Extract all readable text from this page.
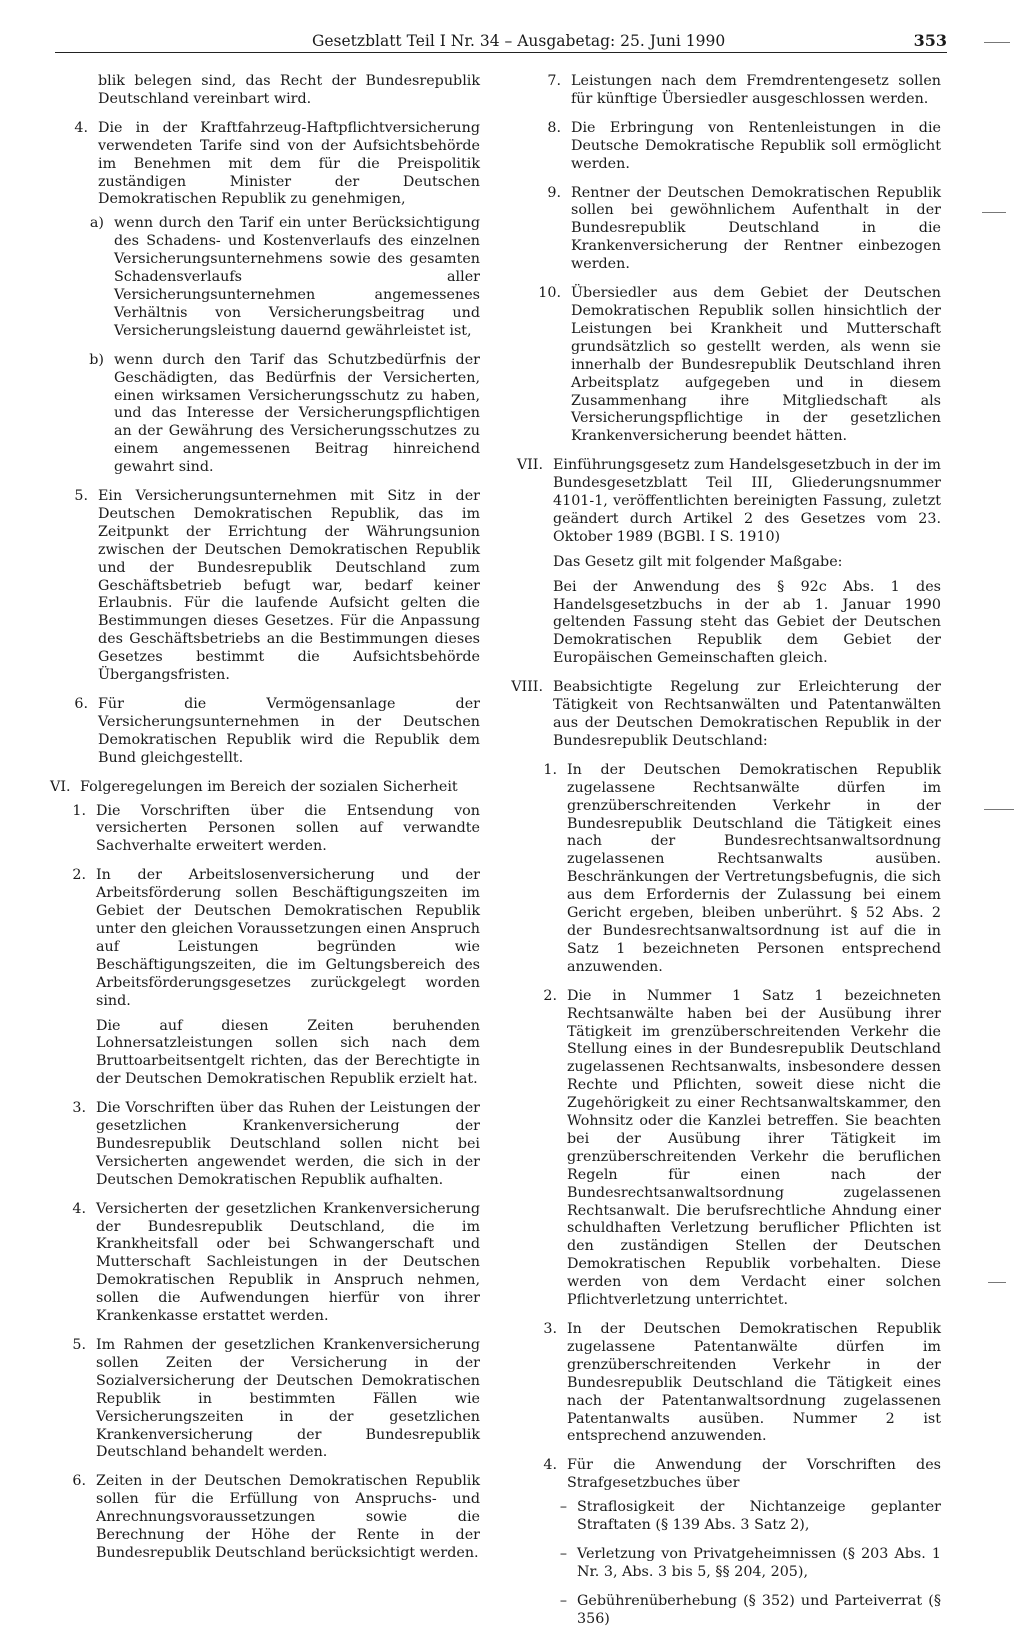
Gesetzblatt Teil I Nr. 34 – Ausgabetag: 25. Juni 1990	353
blik belegen sind, das Recht der Bundesrepublik Deutschland vereinbart wird.
4. Die in der Kraftfahrzeug-Haftpflichtversicherung verwendeten Tarife sind von der Aufsichtsbehörde im Benehmen mit dem für die Preispolitik zuständigen Minister der Deutschen Demokratischen Republik zu genehmigen,
a) wenn durch den Tarif ein unter Berücksichtigung des Schadens- und Kostenverlaufs des einzelnen Versicherungsunternehmens sowie des gesamten Schadensverlaufs aller Versicherungsunternehmen angemessenes Verhältnis von Versicherungsbeitrag und Versicherungsleistung dauernd gewährleistet ist,
b) wenn durch den Tarif das Schutzbedürfnis der Geschädigten, das Bedürfnis der Versicherten, einen wirksamen Versicherungsschutz zu haben, und das Interesse der Versicherungspflichtigen an der Gewährung des Versicherungsschutzes zu einem angemessenen Beitrag hinreichend gewahrt sind.
5. Ein Versicherungsunternehmen mit Sitz in der Deutschen Demokratischen Republik, das im Zeitpunkt der Errichtung der Währungsunion zwischen der Deutschen Demokratischen Republik und der Bundesrepublik Deutschland zum Geschäftsbetrieb befugt war, bedarf keiner Erlaubnis. Für die laufende Aufsicht gelten die Bestimmungen dieses Gesetzes. Für die Anpassung des Geschäftsbetriebs an die Bestimmungen dieses Gesetzes bestimmt die Aufsichtsbehörde Übergangsfristen.
6. Für die Vermögensanlage der Versicherungsunternehmen in der Deutschen Demokratischen Republik wird die Republik dem Bund gleichgestellt.
VI. Folgeregelungen im Bereich der sozialen Sicherheit
1. Die Vorschriften über die Entsendung von versicherten Personen sollen auf verwandte Sachverhalte erweitert werden.

2. In der Arbeitslosenversicherung und der Arbeitsförderung sollen Beschäftigungszeiten im Gebiet der Deutschen Demokratischen Republik unter den gleichen Voraussetzungen einen Anspruch auf Leistungen begründen wie Beschäftigungszeiten, die im Geltungsbereich des Arbeitsförderungsgesetzes zurückgelegt worden sind.

Die auf diesen Zeiten beruhenden Lohnersatzleistungen sollen sich nach dem Bruttoarbeitsentgelt richten, das der Berechtigte in der Deutschen Demokratischen Republik erzielt hat.

3. Die Vorschriften über das Ruhen der Leistungen der gesetzlichen Krankenversicherung der Bundesrepublik Deutschland sollen nicht bei Versicherten angewendet werden, die sich in der Deutschen Demokratischen Republik aufhalten.

4. Versicherten der gesetzlichen Krankenversicherung der Bundesrepublik Deutschland, die im Krankheitsfall oder bei Schwangerschaft und Mutterschaft Sachleistungen in der Deutschen Demokratischen Republik in Anspruch nehmen, sollen die Aufwendungen hierfür von ihrer Krankenkasse erstattet werden.

5. Im Rahmen der gesetzlichen Krankenversicherung sollen Zeiten der Versicherung in der Sozialversicherung der Deutschen Demokratischen Republik in bestimmten Fällen wie Versicherungszeiten in der gesetzlichen Krankenversicherung der Bundesrepublik Deutschland behandelt werden.

6. Zeiten in der Deutschen Demokratischen Republik sollen für die Erfüllung von Anspruchs- und Anrechnungsvoraussetzungen sowie die Berechnung der Höhe der Rente in der Bundesrepublik Deutschland berücksichtigt werden.

7. Leistungen nach dem Fremdrentengesetz sollen für künftige Übersiedler ausgeschlossen werden.
8. Die Erbringung von Rentenleistungen in die Deutsche Demokratische Republik soll ermöglicht werden.
9. Rentner der Deutschen Demokratischen Republik sollen bei gewöhnlichem Aufenthalt in der Bundesrepublik Deutschland in die Krankenversicherung der Rentner einbezogen werden.
10. Übersiedler aus dem Gebiet der Deutschen Demokratischen Republik sollen hinsichtlich der Leistungen bei Krankheit und Mutterschaft grundsätzlich so gestellt werden, als wenn sie innerhalb der Bundesrepublik Deutschland ihren Arbeitsplatz aufgegeben und in diesem Zusammenhang ihre Mitgliedschaft als Versicherungspflichtige in der gesetzlichen Krankenversicherung beendet hätten.
VII. Einführungsgesetz zum Handelsgesetzbuch in der im Bundesgesetzblatt Teil III, Gliederungsnummer 4101-1, veröffentlichten bereinigten Fassung, zuletzt geändert durch Artikel 2 des Gesetzes vom 23. Oktober 1989 (BGBl. I S. 1910)

Das Gesetz gilt mit folgender Maßgabe:

Bei der Anwendung des § 92c Abs. 1 des Handelsgesetzbuchs in der ab 1. Januar 1990 geltenden Fassung steht das Gebiet der Deutschen Demokratischen Republik dem Gebiet der Europäischen Gemeinschaften gleich.

VIII. Beabsichtigte Regelung zur Erleichterung der Tätigkeit von Rechtsanwälten und Patentanwälten aus der Deutschen Demokratischen Republik in der Bundesrepublik Deutschland:
1. In der Deutschen Demokratischen Republik zugelassene Rechtsanwälte dürfen im grenzüberschreitenden Verkehr in der Bundesrepublik Deutschland die Tätigkeit eines nach der Bundesrechtsanwaltsordnung zugelassenen Rechtsanwalts ausüben. Beschränkungen der Vertretungsbefugnis, die sich aus dem Erfordernis der Zulassung bei einem Gericht ergeben, bleiben unberührt. § 52 Abs. 2 der Bundesrechtsanwaltsordnung ist auf die in Satz 1 bezeichneten Personen entsprechend anzuwenden.
2. Die in Nummer 1 Satz 1 bezeichneten Rechtsanwälte haben bei der Ausübung ihrer Tätigkeit im grenzüberschreitenden Verkehr die Stellung eines in der Bundesrepublik Deutschland zugelassenen Rechtsanwalts, insbesondere dessen Rechte und Pflichten, soweit diese nicht die Zugehörigkeit zu einer Rechtsanwaltskammer, den Wohnsitz oder die Kanzlei betreffen. Sie beachten bei der Ausübung ihrer Tätigkeit im grenzüberschreitenden Verkehr die beruflichen Regeln für einen nach der Bundesrechtsanwaltsordnung zugelassenen Rechtsanwalt. Die berufsrechtliche Ahndung einer schuldhaften Verletzung beruflicher Pflichten ist den zuständigen Stellen der Deutschen Demokratischen Republik vorbehalten. Diese werden von dem Verdacht einer solchen Pflichtverletzung unterrichtet.
3. In der Deutschen Demokratischen Republik zugelassene Patentanwälte dürfen im grenzüberschreitenden Verkehr in der Bundesrepublik Deutschland die Tätigkeit eines nach der Patentanwaltsordnung zugelassenen Patentanwalts ausüben. Nummer 2 ist entsprechend anzuwenden.
4. Für die Anwendung der Vorschriften des Strafgesetzbuches über
– Straflosigkeit der Nichtanzeige geplanter Straftaten (§ 139 Abs. 3 Satz 2),
– Verletzung von Privatgeheimnissen (§ 203 Abs. 1 Nr. 3, Abs. 3 bis 5, §§ 204, 205),
– Gebührenüberhebung (§ 352) und Parteiverrat (§ 356)
